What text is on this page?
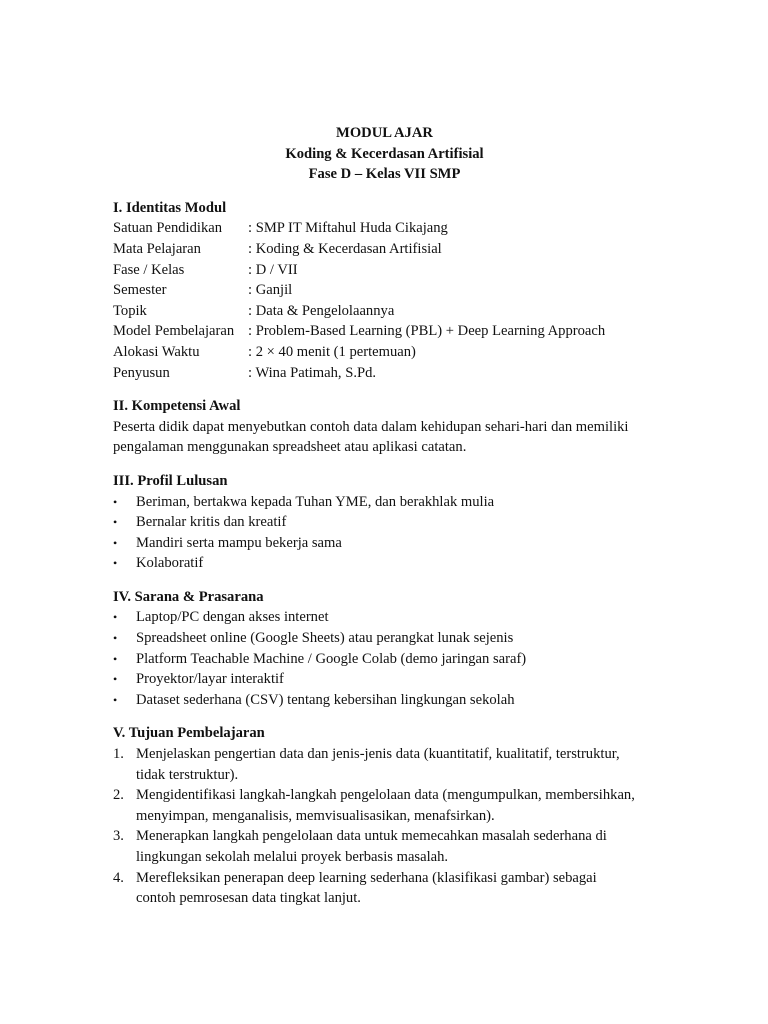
MODUL AJAR
Koding & Kecerdasan Artifisial
Fase D – Kelas VII SMP
I. Identitas Modul
Satuan Pendidikan	: SMP IT Miftahul Huda Cikajang
Mata Pelajaran	: Koding & Kecerdasan Artifisial
Fase / Kelas	: D / VII
Semester	: Ganjil
Topik	: Data & Pengelolaannya
Model Pembelajaran	: Problem-Based Learning (PBL) + Deep Learning Approach
Alokasi Waktu	: 2 × 40 menit (1 pertemuan)
Penyusun	: Wina Patimah, S.Pd.
II. Kompetensi Awal
Peserta didik dapat menyebutkan contoh data dalam kehidupan sehari-hari dan memiliki
pengalaman menggunakan spreadsheet atau aplikasi catatan.
III. Profil Lulusan
• Beriman, bertakwa kepada Tuhan YME, dan berakhlak mulia
• Bernalar kritis dan kreatif
• Mandiri serta mampu bekerja sama
• Kolaboratif
IV. Sarana & Prasarana
• Laptop/PC dengan akses internet
• Spreadsheet online (Google Sheets) atau perangkat lunak sejenis
• Platform Teachable Machine / Google Colab (demo jaringan saraf)
• Proyektor/layar interaktif
• Dataset sederhana (CSV) tentang kebersihan lingkungan sekolah
V. Tujuan Pembelajaran
1. Menjelaskan pengertian data dan jenis-jenis data (kuantitatif, kualitatif, terstruktur,
tidak terstruktur).
2. Mengidentifikasi langkah-langkah pengelolaan data (mengumpulkan, membersihkan,
menyimpan, menganalisis, memvisualisasikan, menafsirkan).
3. Menerapkan langkah pengelolaan data untuk memecahkan masalah sederhana di
lingkungan sekolah melalui proyek berbasis masalah.
4. Merefleksikan penerapan deep learning sederhana (klasifikasi gambar) sebagai
contoh pemrosesan data tingkat lanjut.
